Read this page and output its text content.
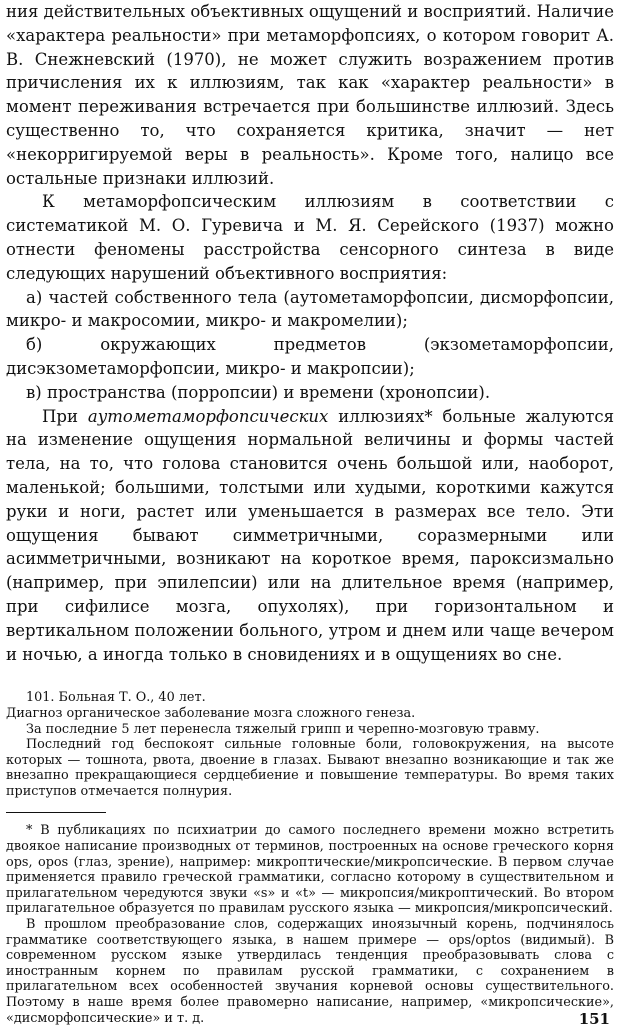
ния действительных объективных ощущений и восприятий. Наличие «характера реальности» при метаморфопсиях, о котором говорит А. В. Снежневский (1970), не может служить возражением против причисления их к иллюзиям, так как «характер реальности» в момент переживания встречается при большинстве иллюзий. Здесь существенно то, что сохраняется критика, значит — нет «некорригируемой веры в реальность». Кроме того, налицо все остальные признаки иллюзий.

К метаморфопсическим иллюзиям в соответствии с систематикой М. О. Гуревича и М. Я. Серейского (1937) можно отнести феномены расстройства сенсорного синтеза в виде следующих нарушений объективного восприятия:

а) частей собственного тела (аутометаморфопсии, дисморфопсии, микро- и макросомии, микро- и макромелии);

б) окружающих предметов (экзометаморфопсии, дисэкзометаморфопсии, микро- и макропсии);

в) пространства (порропсии) и времени (хронопсии).

При аутометаморфопсических иллюзиях* больные жалуются на изменение ощущения нормальной величины и формы частей тела, на то, что голова становится очень большой или, наоборот, маленькой; большими, толстыми или худыми, короткими кажутся руки и ноги, растет или уменьшается в размерах все тело. Эти ощущения бывают симметричными, соразмерными или асимметричными, возникают на короткое время, пароксизмально (например, при эпилепсии) или на длительное время (например, при сифилисе мозга, опухолях), при горизонтальном и вертикальном положении больного, утром и днем или чаще вечером и ночью, а иногда только в сновидениях и в ощущениях во сне.

101. Больная Т. О., 40 лет.

Диагноз органическое заболевание мозга сложного генеза.

За последние 5 лет перенесла тяжелый грипп и черепно-мозговую травму.

Последний год беспокоят сильные головные боли, головокружения, на высоте которых — тошнота, рвота, двоение в глазах. Бывают внезапно возникающие и так же внезапно прекращающиеся сердцебиение и повышение температуры. Во время таких приступов отмечается полнурия.

* В публикациях по психиатрии до самого последнего времени можно встретить двоякое написание производных от терминов, построенных на основе греческого корня ops, opos (глаз, зрение), например: микроптические/микропсические. В первом случае применяется правило греческой грамматики, согласно которому в существительном и прилагательном чередуются звуки «s» и «t» — микропсия/микроптический. Во втором прилагательное образуется по правилам русского языка — микропсия/микропсический.

В прошлом преобразование слов, содержащих иноязычный корень, подчинялось грамматике соответствующего языка, в нашем примере — ops/optos (видимый). В современном русском языке утвердилась тенденция преобразовывать слова с иностранным корнем по правилам русской грамматики, с сохранением в прилагательном всех особенностей звучания корневой основы существительного. Поэтому в наше время более правомерно написание, например, «микропсические», «дисморфопсические» и т. д.	151
